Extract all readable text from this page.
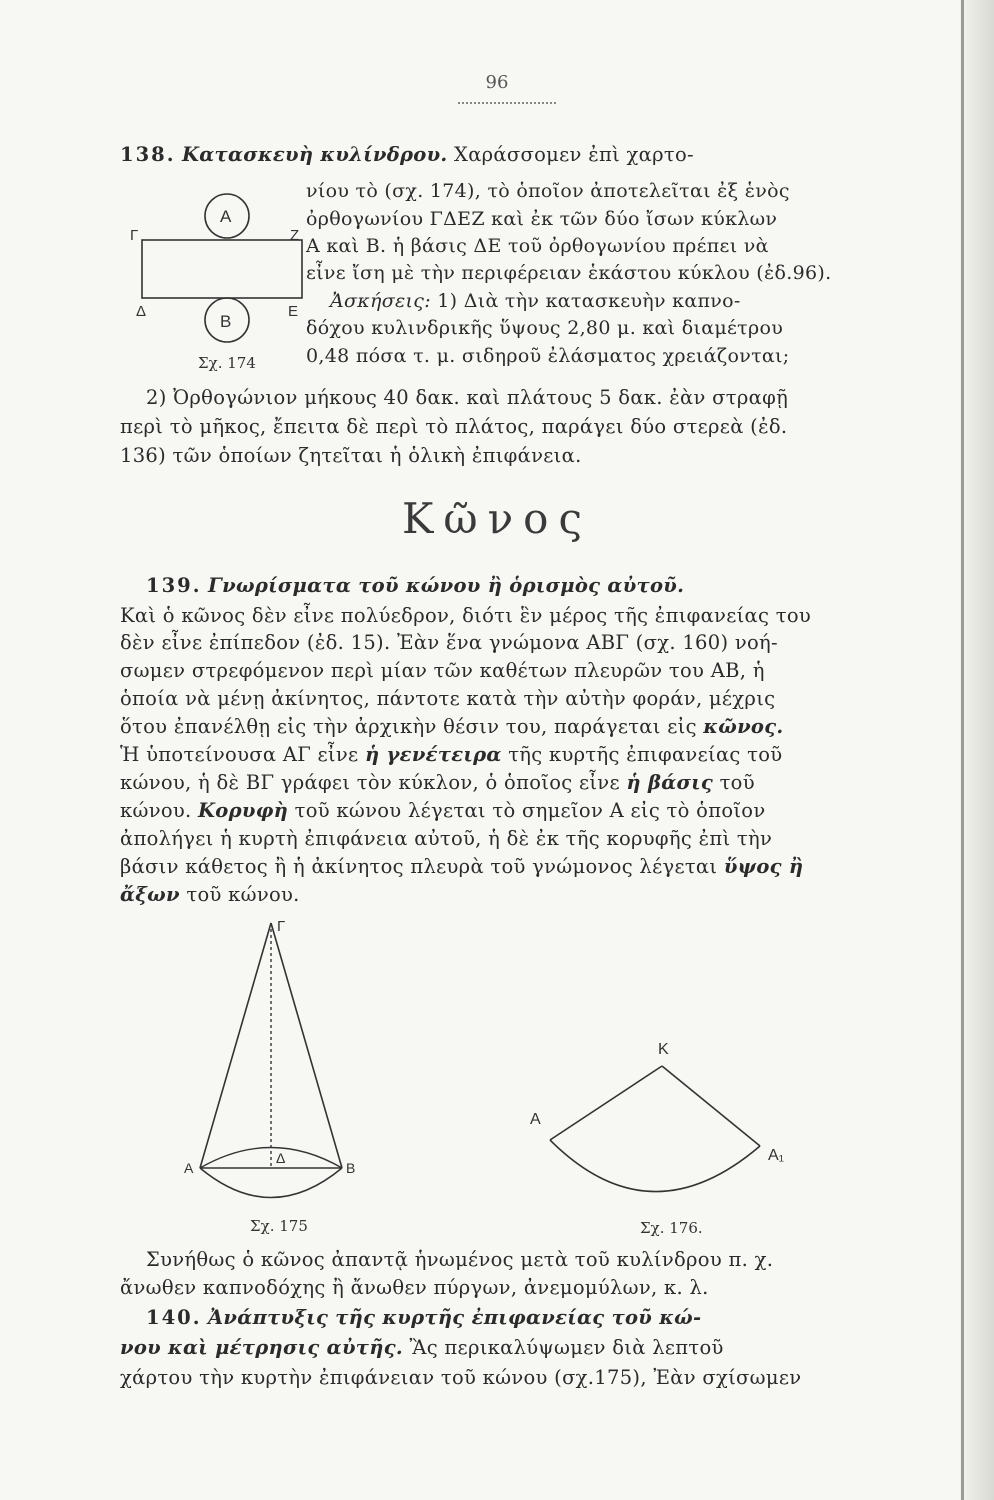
96
138. Κατασκευὴ κυλίνδρου. Χαράσσομεν ἐπὶ χαρτο-
νίου τὸ (σχ. 174), τὸ ὁποῖον ἀποτελεῖται ἐξ ἑνὸς
ὀρθογωνίου ΓΔΕΖ καὶ ἐκ τῶν δύο ἴσων κύκλων
Α καὶ Β. ἡ βάσις ΔΕ τοῦ ὀρθογωνίου πρέπει νὰ
εἶνε ἴση μὲ τὴν περιφέρειαν ἑκάστου κύκλου (ἐδ.96).
Ἀσκήσεις: 1) Διὰ τὴν κατασκευὴν καπνο-
δόχου κυλινδρικῆς ὕψους 2,80 μ. καὶ διαμέτρου
0,48 πόσα τ. μ. σιδηροῦ ἐλάσματος χρειάζονται;
2) Ὀρθογώνιον μήκους 40 δακ. καὶ πλάτους 5 δακ. ἐὰν στραφῇ
περὶ τὸ μῆκος, ἔπειτα δὲ περὶ τὸ πλάτος, παράγει δύο στερεὰ (ἐδ.
136) τῶν ὁποίων ζητεῖται ἡ ὁλικὴ ἐπιφάνεια.
A
B
Γ	Z
Δ	E
Σχ. 174
Κῶνος
139. Γνωρίσματα τοῦ κώνου ἢ ὁρισμὸς αὐτοῦ.
Καὶ ὁ κῶνος δὲν εἶνε πολύεδρον, διότι ἓν μέρος τῆς ἐπιφανείας του
δὲν εἶνε ἐπίπεδον (ἐδ. 15). Ἐὰν ἕνα γνώμονα ΑΒΓ (σχ. 160) νοή-
σωμεν στρεφόμενον περὶ μίαν τῶν καθέτων πλευρῶν του ΑΒ, ἡ
ὁποία νὰ μένῃ ἀκίνητος, πάντοτε κατὰ τὴν αὐτὴν φοράν, μέχρις
ὅτου ἐπανέλθῃ εἰς τὴν ἀρχικὴν θέσιν του, παράγεται εἰς κῶνος.
Ἡ ὑποτείνουσα ΑΓ εἶνε ἡ γενέτειρα τῆς κυρτῆς ἐπιφανείας τοῦ
κώνου, ἡ δὲ ΒΓ γράφει τὸν κύκλον, ὁ ὁποῖος εἶνε ἡ βάσις τοῦ
κώνου. Κορυφὴ τοῦ κώνου λέγεται τὸ σημεῖον Α εἰς τὸ ὁποῖον
ἀπολήγει ἡ κυρτὴ ἐπιφάνεια αὐτοῦ, ἡ δὲ ἐκ τῆς κορυφῆς ἐπὶ τὴν
βάσιν κάθετος ἢ ἡ ἀκίνητος πλευρὰ τοῦ γνώμονος λέγεται ὕψος ἢ
ἄξων τοῦ κώνου.
Γ
A	B
Δ
Σχ. 175
K
A
A₁
Σχ. 176.
Συνήθως ὁ κῶνος ἀπαντᾷ ἡνωμένος μετὰ τοῦ κυλίνδρου π. χ.
ἄνωθεν καπνοδόχης ἢ ἄνωθεν πύργων, ἀνεμομύλων, κ. λ.
140. Ἀνάπτυξις τῆς κυρτῆς ἐπιφανείας τοῦ κώ-
νου καὶ μέτρησις αὐτῆς. Ἂς περικαλύψωμεν διὰ λεπτοῦ
χάρτου τὴν κυρτὴν ἐπιφάνειαν τοῦ κώνου (σχ.175), Ἐὰν σχίσωμεν
